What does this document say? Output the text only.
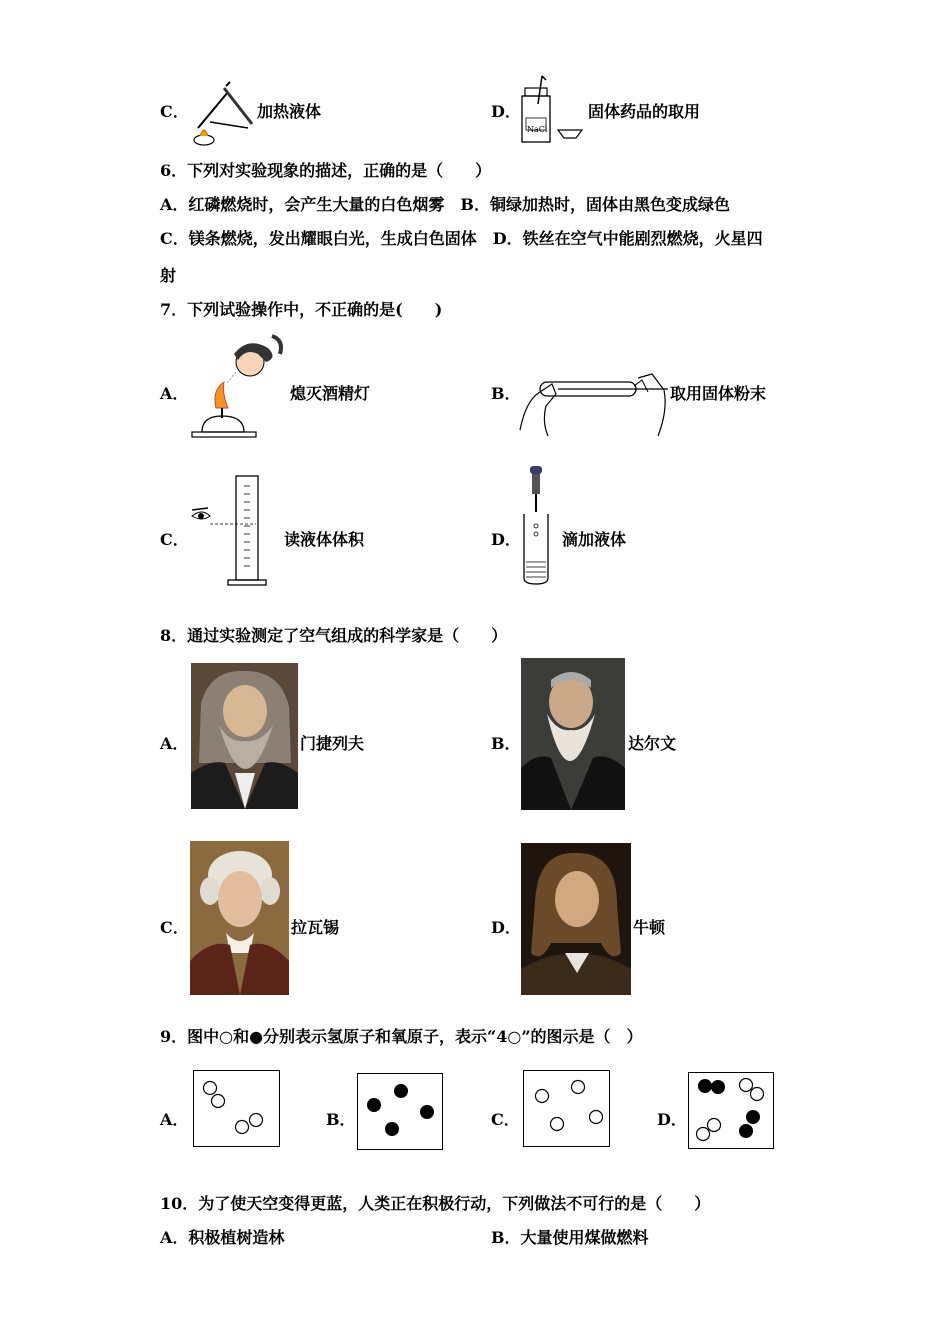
C．	加热液体	D．
NaCl
固体药品的取用
6．下列对实验现象的描述，正确的是（　　）
A．红磷燃烧时，会产生大量的白色烟雾　B．铜绿加热时，固体由黑色变成绿色
C．镁条燃烧，发出耀眼白光，生成白色固体　D．铁丝在空气中能剧烈燃烧，火星四
射
7．下列试验操作中，不正确的是(　　)
A．	熄灭酒精灯	B．	取用固体粉末
C．	读液体体积	D．	滴加液体
8．通过实验测定了空气组成的科学家是（　　）
A．	门捷列夫	B．	达尔文
C．	拉瓦锡	D．	牛顿
9．图中○和●分别表示氢原子和氧原子，表示“4○”的图示是（　）
A．	B．	C．	D．
10．为了使天空变得更蓝，人类正在积极行动，下列做法不可行的是（　　）
A．积极植树造林	B．大量使用煤做燃料
